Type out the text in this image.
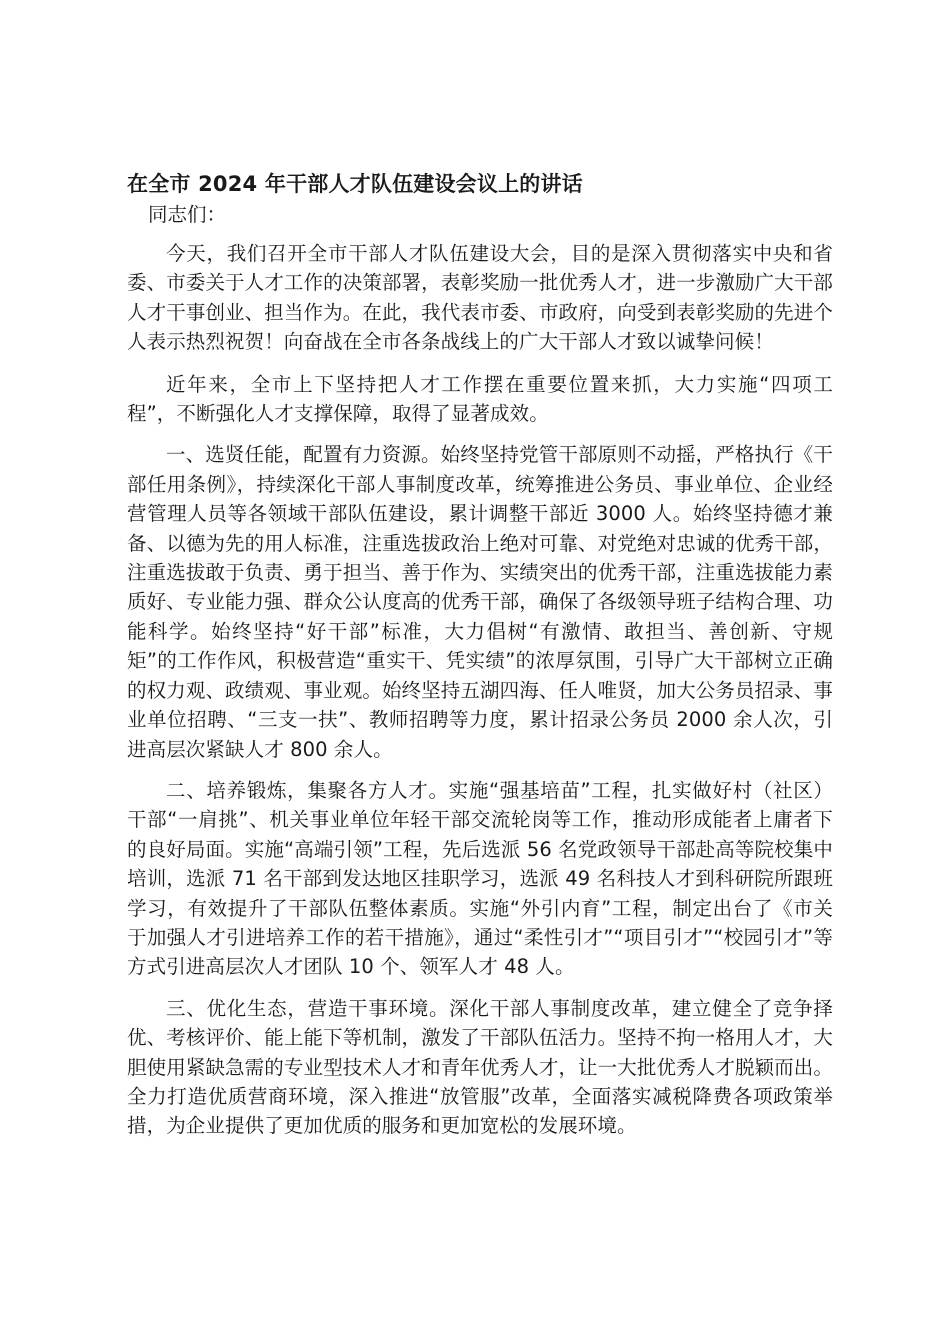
在全市 2024 年干部人才队伍建设会议上的讲话

同志们：

今天，我们召开全市干部人才队伍建设大会，目的是深入贯彻落实中央和省委、市委关于人才工作的决策部署，表彰奖励一批优秀人才，进一步激励广大干部人才干事创业、担当作为。在此，我代表市委、市政府，向受到表彰奖励的先进个人表示热烈祝贺！向奋战在全市各条战线上的广大干部人才致以诚挚问候！

近年来，全市上下坚持把人才工作摆在重要位置来抓，大力实施“四项工程”，不断强化人才支撑保障，取得了显著成效。

一、选贤任能，配置有力资源。始终坚持党管干部原则不动摇，严格执行《干部任用条例》，持续深化干部人事制度改革，统筹推进公务员、事业单位、企业经营管理人员等各领域干部队伍建设，累计调整干部近 3000 人。始终坚持德才兼备、以德为先的用人标准，注重选拔政治上绝对可靠、对党绝对忠诚的优秀干部，注重选拔敢于负责、勇于担当、善于作为、实绩突出的优秀干部，注重选拔能力素质好、专业能力强、群众公认度高的优秀干部，确保了各级领导班子结构合理、功能科学。始终坚持“好干部”标准，大力倡树“有激情、敢担当、善创新、守规矩”的工作作风，积极营造“重实干、凭实绩”的浓厚氛围，引导广大干部树立正确的权力观、政绩观、事业观。始终坚持五湖四海、任人唯贤，加大公务员招录、事业单位招聘、“三支一扶”、教师招聘等力度，累计招录公务员 2000 余人次，引进高层次紧缺人才 800 余人。

二、培养锻炼，集聚各方人才。实施“强基培苗”工程，扎实做好村（社区）干部“一肩挑”、机关事业单位年轻干部交流轮岗等工作，推动形成能者上庸者下的良好局面。实施“高端引领”工程，先后选派 56 名党政领导干部赴高等院校集中培训，选派 71 名干部到发达地区挂职学习，选派 49 名科技人才到科研院所跟班学习，有效提升了干部队伍整体素质。实施“外引内育”工程，制定出台了《市关于加强人才引进培养工作的若干措施》，通过“柔性引才”“项目引才”“校园引才”等方式引进高层次人才团队 10 个、领军人才 48 人。

三、优化生态，营造干事环境。深化干部人事制度改革，建立健全了竞争择优、考核评价、能上能下等机制，激发了干部队伍活力。坚持不拘一格用人才，大胆使用紧缺急需的专业型技术人才和青年优秀人才，让一大批优秀人才脱颖而出。全力打造优质营商环境，深入推进“放管服”改革，全面落实减税降费各项政策举措，为企业提供了更加优质的服务和更加宽松的发展环境。
